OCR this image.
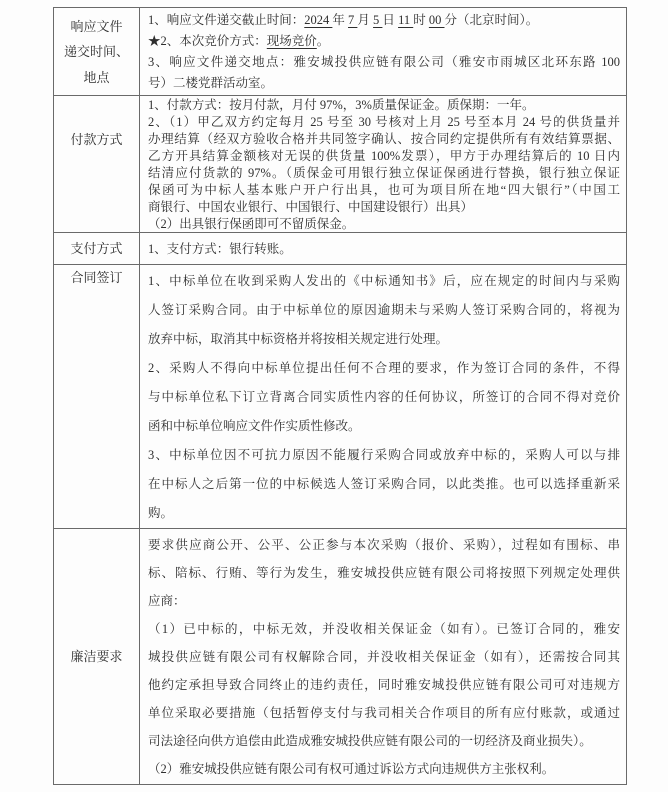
响应文件
递交时间、
地点
1、响应文件递交截止时间：2024 年 7 月 5 日 11 时 00 分（北京时间）。
★2、本次竞价方式：现场竞价。
3、响应文件递交地点：雅安城投供应链有限公司（雅安市雨城区北环东路 100
号）二楼党群活动室。
付款方式
1、付款方式：按月付款，月付 97%，3%质量保证金。质保期：一年。
2、（1）甲乙双方约定每月 25 号至 30 号核对上月 25 号至本月 24 号的供货量并
办理结算（经双方验收合格并共同签字确认、按合同约定提供所有有效结算票据、
乙方开具结算金额核对无误的供货量 100%发票），甲方于办理结算后的 10 日内
结清应付货款的 97%。（质保金可用银行独立保证保函进行替换，银行独立保证
保函可为中标人基本账户开户行出具，也可为项目所在地“四大银行”（中国工
商银行、中国农业银行、中国银行、中国建设银行）出具）
（2）出具银行保函即可不留质保金。
支付方式 1、支付方式：银行转账。
合同签订 1、中标单位在收到采购人发出的《中标通知书》后，应在规定的时间内与采购
人签订采购合同。由于中标单位的原因逾期未与采购人签订采购合同的，将视为
放弃中标，取消其中标资格并将按相关规定进行处理。
2、采购人不得向中标单位提出任何不合理的要求，作为签订合同的条件，不得
与中标单位私下订立背离合同实质性内容的任何协议，所签订的合同不得对竞价
函和中标单位响应文件作实质性修改。
3、中标单位因不可抗力原因不能履行采购合同或放弃中标的，采购人可以与排
在中标人之后第一位的中标候选人签订采购合同，以此类推。也可以选择重新采
购。
廉洁要求
要求供应商公开、公平、公正参与本次采购（报价、采购），过程如有围标、串
标、陪标、行贿、等行为发生，雅安城投供应链有限公司将按照下列规定处理供
应商：
（1）已中标的，中标无效，并没收相关保证金（如有）。已签订合同的，雅安
城投供应链有限公司有权解除合同，并没收相关保证金（如有），还需按合同其
他约定承担导致合同终止的违约责任，同时雅安城投供应链有限公司可对违规方
单位采取必要措施（包括暂停支付与我司相关合作项目的所有应付账款，或通过
司法途径向供方追偿由此造成雅安城投供应链有限公司的一切经济及商业损失）。
（2）雅安城投供应链有限公司有权可通过诉讼方式向违规供方主张权利。
